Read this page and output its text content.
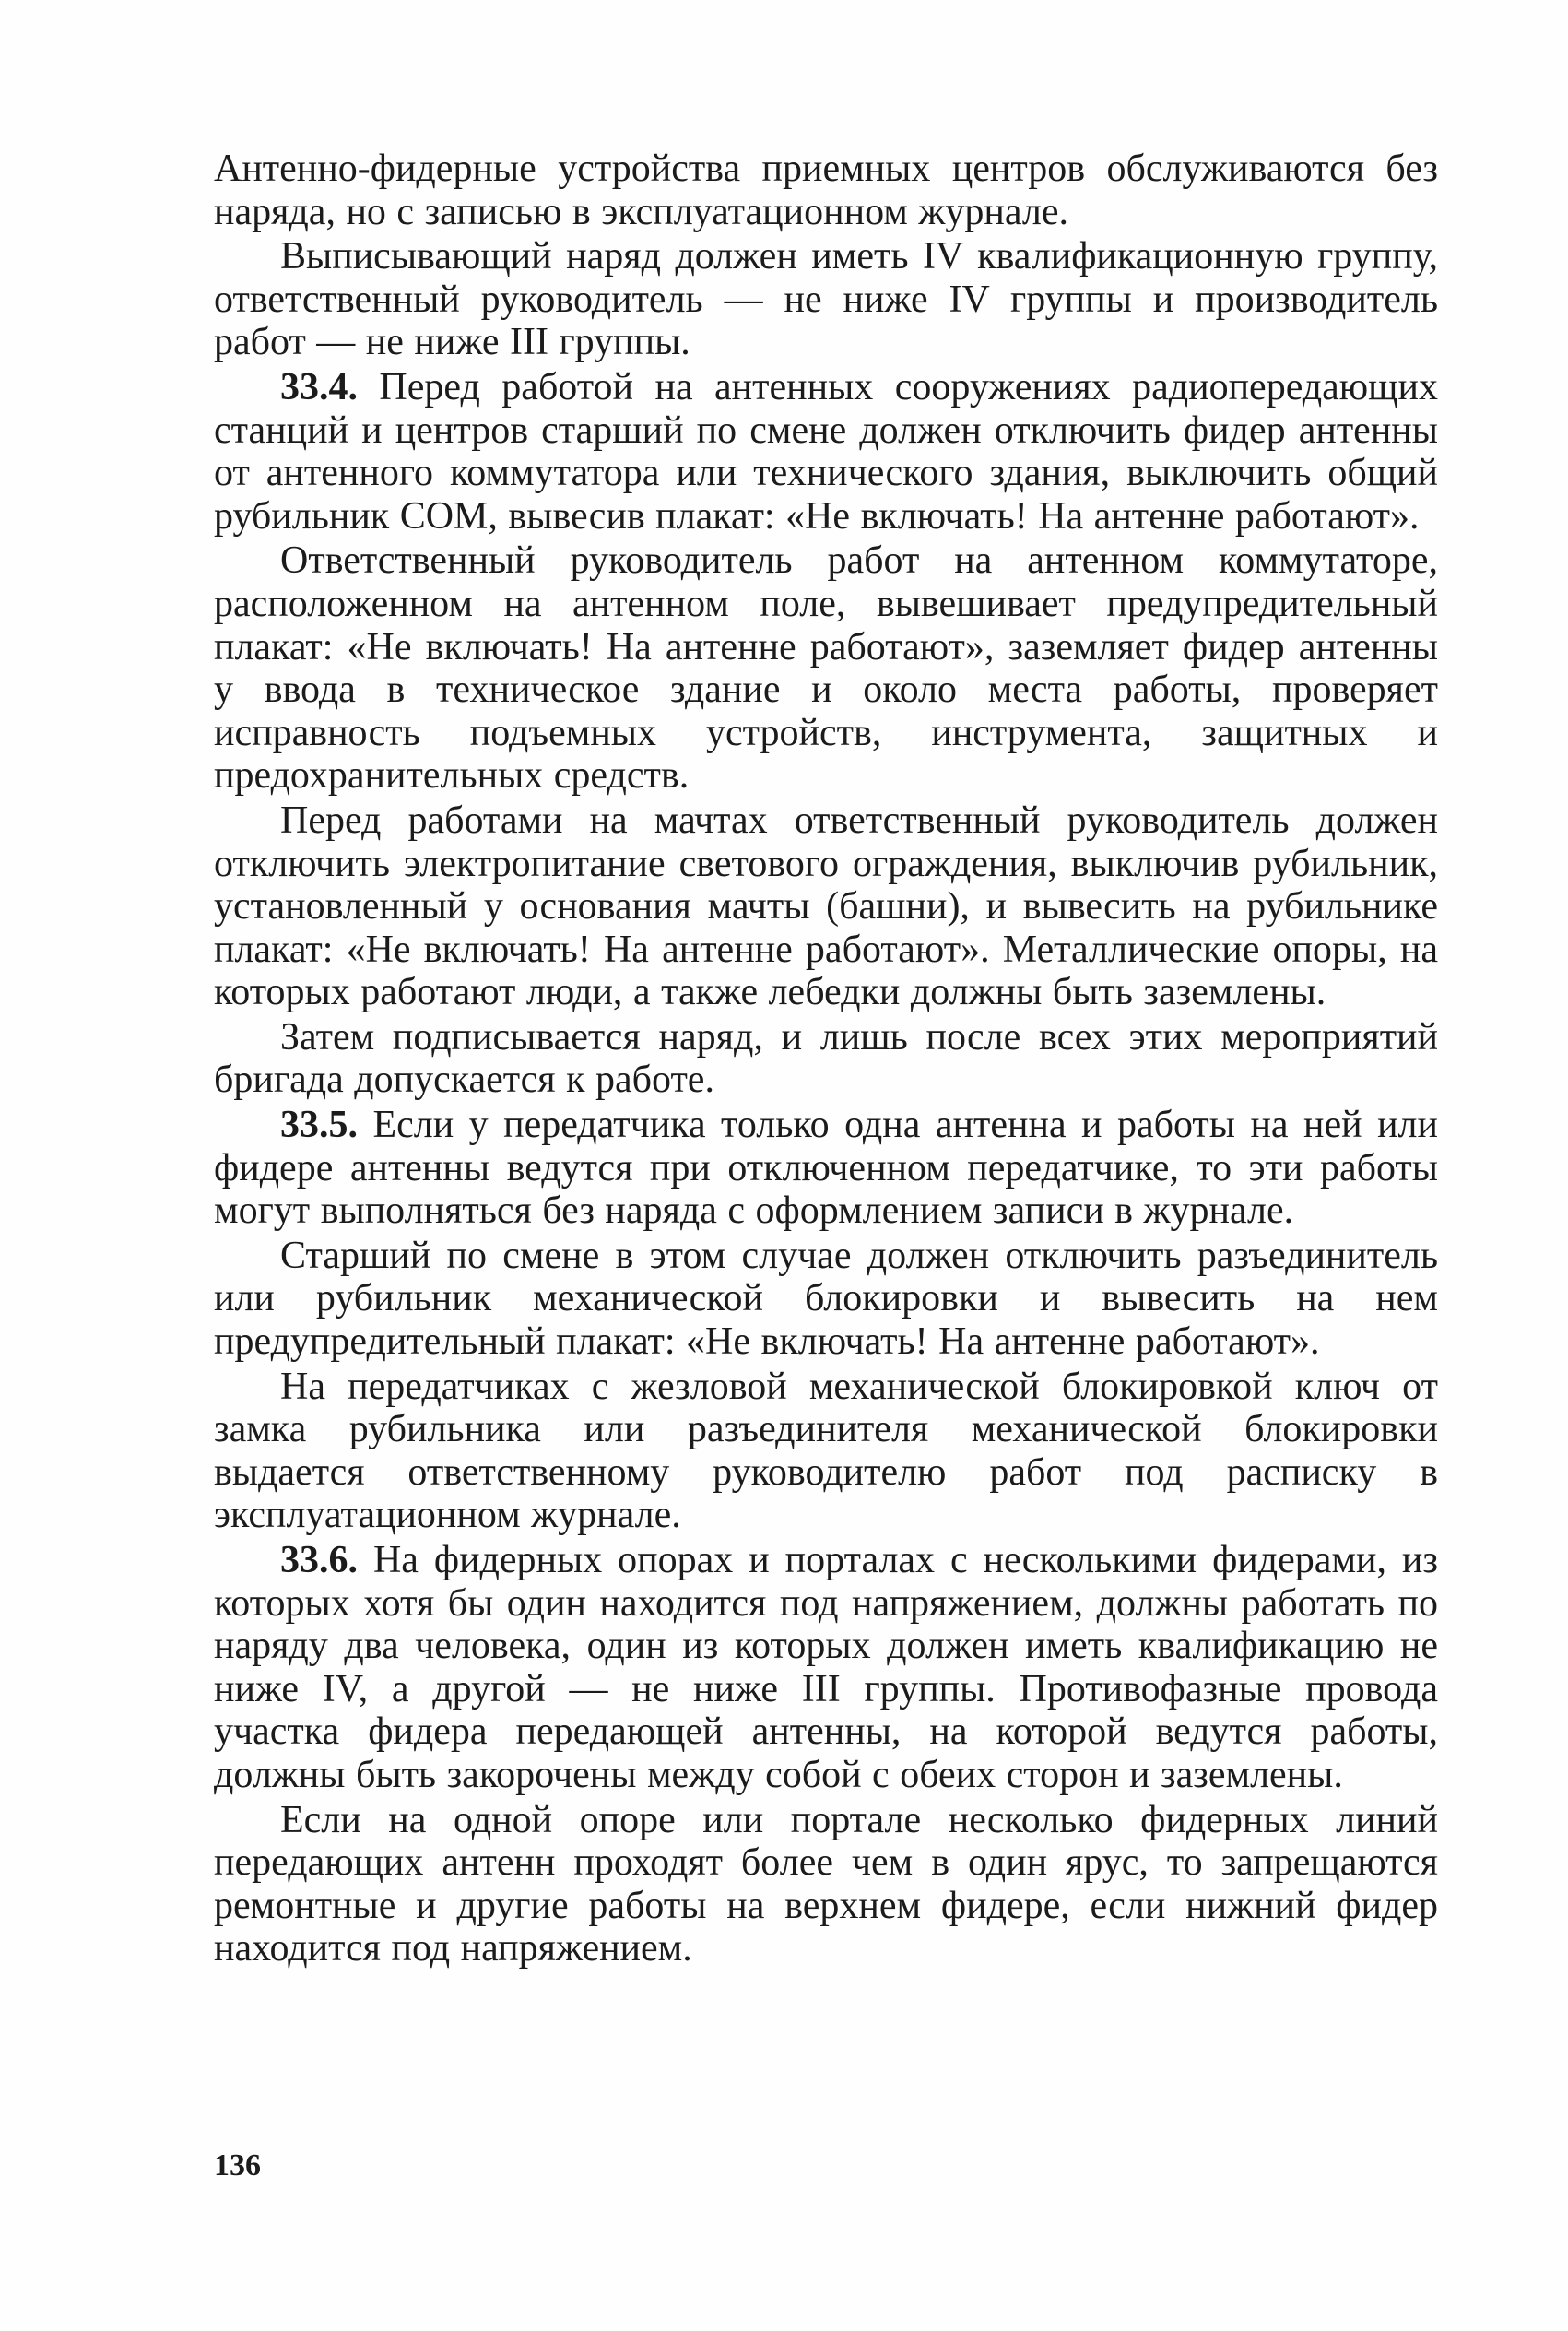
Антенно-фидерные устройства приемных центров обслуживаются без наряда, но с записью в эксплуатационном журнале.

Выписывающий наряд должен иметь IV квалификационную группу, ответственный руководитель — не ниже IV группы и производитель работ — не ниже III группы.

33.4. Перед работой на антенных сооружениях радиопередающих станций и центров старший по смене должен отключить фидер антенны от антенного коммутатора или технического здания, выключить общий рубильник СОМ, вывесив плакат: «Не включать! На антенне работают».

Ответственный руководитель работ на антенном коммутаторе, расположенном на антенном поле, вывешивает предупредительный плакат: «Не включать! На антенне работают», заземляет фидер антенны у ввода в техническое здание и около места работы, проверяет исправность подъемных устройств, инструмента, защитных и предохранительных средств.

Перед работами на мачтах ответственный руководитель должен отключить электропитание светового ограждения, выключив рубильник, установленный у основания мачты (башни), и вывесить на рубильнике плакат: «Не включать! На антенне работают». Металлические опоры, на которых работают люди, а также лебедки должны быть заземлены.

Затем подписывается наряд, и лишь после всех этих мероприятий бригада допускается к работе.

33.5. Если у передатчика только одна антенна и работы на ней или фидере антенны ведутся при отключенном передатчике, то эти работы могут выполняться без наряда с оформлением записи в журнале.

Старший по смене в этом случае должен отключить разъединитель или рубильник механической блокировки и вывесить на нем предупредительный плакат: «Не включать! На антенне работают».

На передатчиках с жезловой механической блокировкой ключ от замка рубильника или разъединителя механической блокировки выдается ответственному руководителю работ под расписку в эксплуатационном журнале.

33.6. На фидерных опорах и порталах с несколькими фидерами, из которых хотя бы один находится под напряжением, должны работать по наряду два человека, один из которых должен иметь квалификацию не ниже IV, а другой — не ниже III группы. Противофазные провода участка фидера передающей антенны, на которой ведутся работы, должны быть закорочены между собой с обеих сторон и заземлены.

Если на одной опоре или портале несколько фидерных линий передающих антенн проходят более чем в один ярус, то запрещаются ремонтные и другие работы на верхнем фидере, если нижний фидер находится под напряжением.

136
